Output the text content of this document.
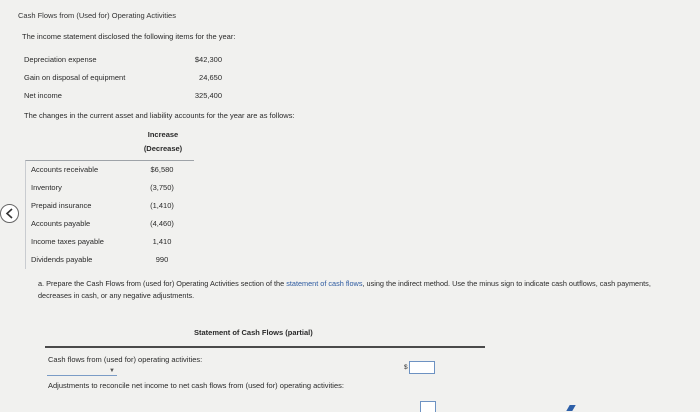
Cash Flows from (Used for) Operating Activities
The income statement disclosed the following items for the year:
Depreciation expense	$42,300
Gain on disposal of equipment	24,650
Net income	325,400
The changes in the current asset and liability accounts for the year are as follows:
Increase
(Decrease)
Accounts receivable	$6,580
Inventory	(3,750)
Prepaid insurance	(1,410)
Accounts payable	(4,460)
Income taxes payable	1,410
Dividends payable	990
a. Prepare the Cash Flows from (used for) Operating Activities section of the statement of cash flows, using the indirect method. Use the minus sign to indicate cash outflows, cash payments, decreases in cash, or any negative adjustments.
Statement of Cash Flows (partial)
Cash flows from (used for) operating activities:
▼	$
Adjustments to reconcile net income to net cash flows from (used for) operating activities:
